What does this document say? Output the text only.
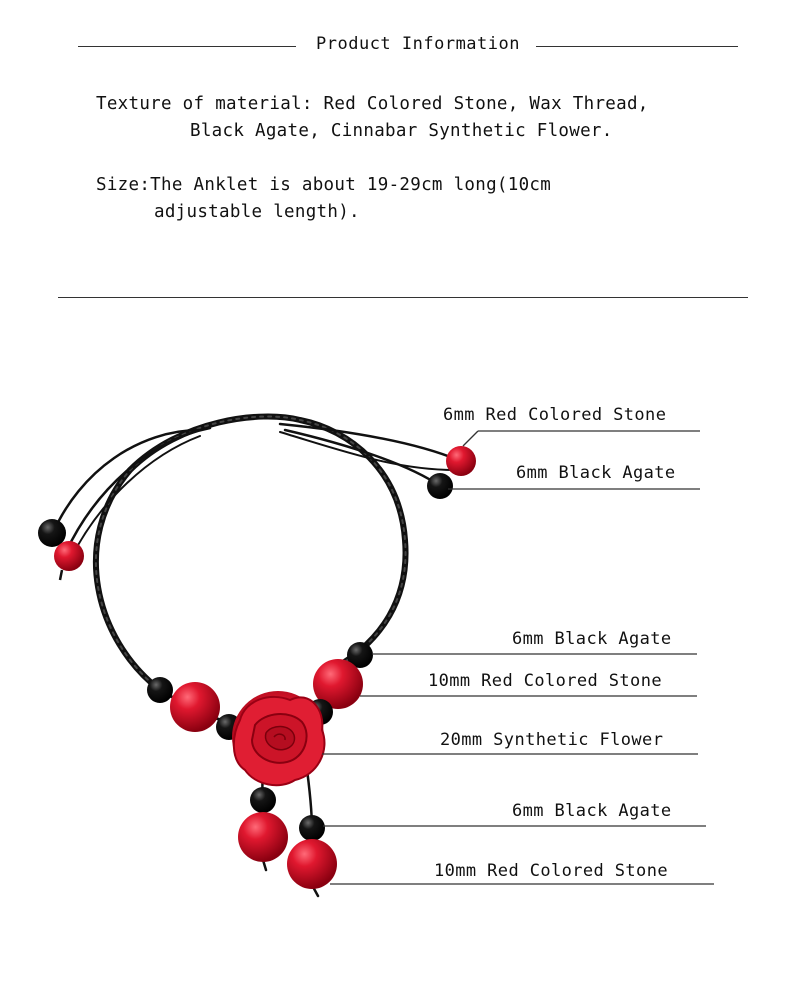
Product Information
Texture of material: Red Colored Stone, Wax Thread,
Black Agate, Cinnabar Synthetic Flower.
Size:The Anklet is about 19-29cm long(10cm
adjustable length).
6mm Red Colored Stone
6mm Black Agate
6mm Black Agate
10mm Red Colored Stone
20mm Synthetic Flower
6mm Black Agate
10mm Red Colored Stone
